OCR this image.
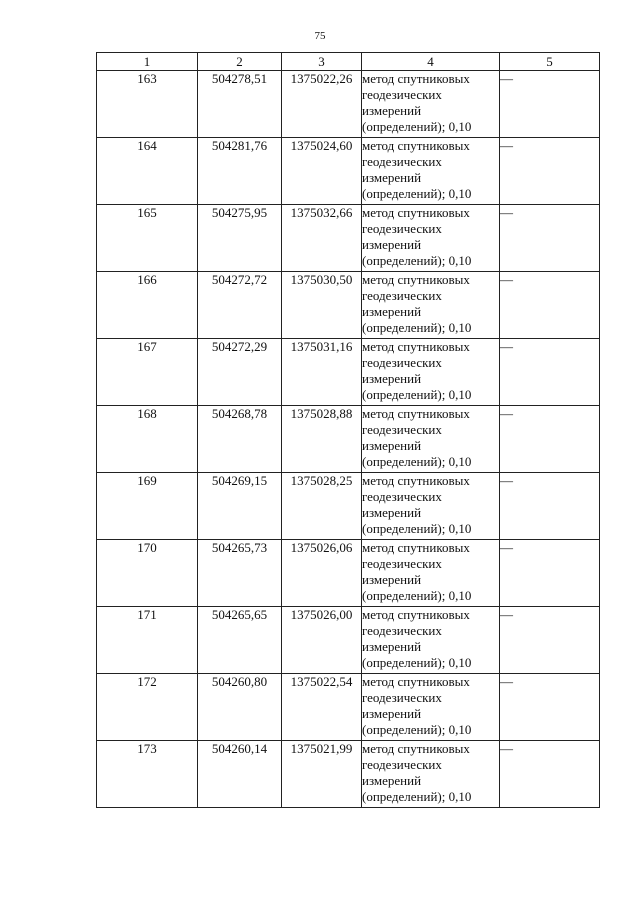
75
1	2	3	4	5
163	504278,51	1375022,26	метод спутниковых
геодезических
измерений
(определений); 0,10	—
164	504281,76	1375024,60	метод спутниковых
геодезических
измерений
(определений); 0,10	—
165	504275,95	1375032,66	метод спутниковых
геодезических
измерений
(определений); 0,10	—
166	504272,72	1375030,50	метод спутниковых
геодезических
измерений
(определений); 0,10	—
167	504272,29	1375031,16	метод спутниковых
геодезических
измерений
(определений); 0,10	—
168	504268,78	1375028,88	метод спутниковых
геодезических
измерений
(определений); 0,10	—
169	504269,15	1375028,25	метод спутниковых
геодезических
измерений
(определений); 0,10	—
170	504265,73	1375026,06	метод спутниковых
геодезических
измерений
(определений); 0,10	—
171	504265,65	1375026,00	метод спутниковых
геодезических
измерений
(определений); 0,10	—
172	504260,80	1375022,54	метод спутниковых
геодезических
измерений
(определений); 0,10	—
173	504260,14	1375021,99	метод спутниковых
геодезических
измерений
(определений); 0,10	—
